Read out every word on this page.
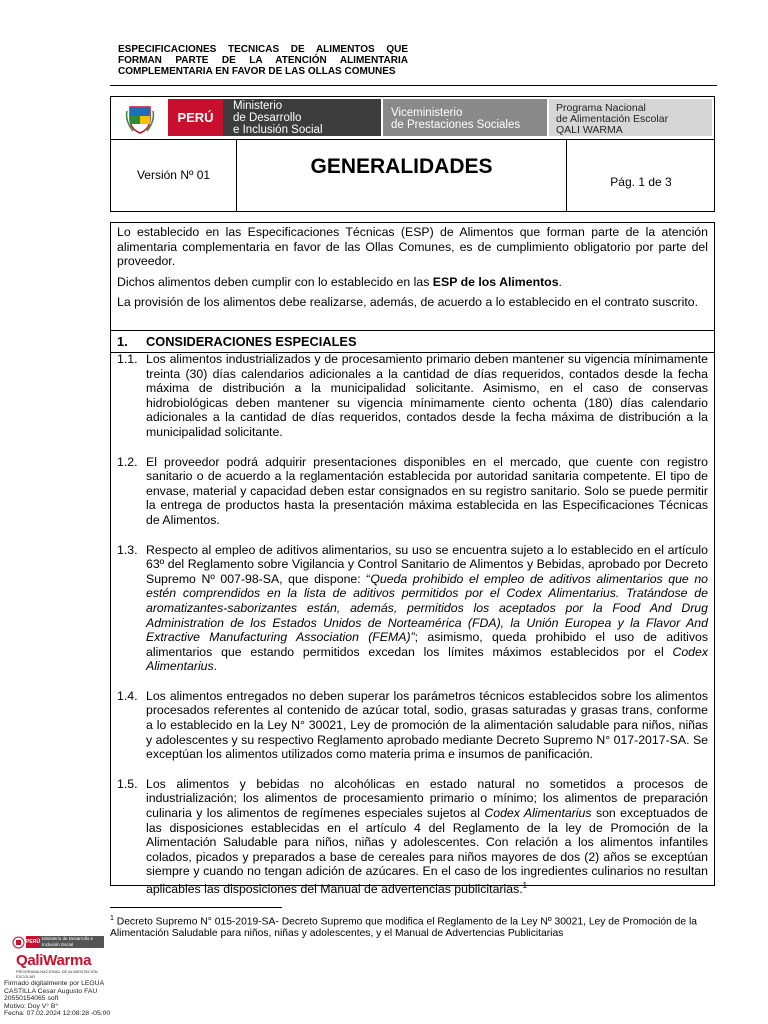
ESPECIFICACIONES TECNICAS DE ALIMENTOS QUE
FORMAN PARTE DE LA ATENCIÓN ALIMENTARIA
COMPLEMENTARIA EN FAVOR DE LAS OLLAS COMUNES
PERÚ
Ministerio
de Desarrollo
e Inclusión Social
Viceministerio
de Prestaciones Sociales
Programa Nacional
de Alimentación Escolar
QALI WARMA
Versión Nº 01	GENERALIDADES
Pág. 1 de 3

Lo establecido en las Especificaciones Técnicas (ESP) de Alimentos que forman parte de la atención alimentaria complementaria en favor de las Ollas Comunes, es de cumplimiento obligatorio por parte del proveedor.

Dichos alimentos deben cumplir con lo establecido en las ESP de los Alimentos.

La provisión de los alimentos debe realizarse, además, de acuerdo a lo establecido en el contrato suscrito.

1. CONSIDERACIONES ESPECIALES
1.1. Los alimentos industrializados y de procesamiento primario deben mantener su vigencia mínimamente treinta (30) días calendarios adicionales a la cantidad de días requeridos, contados desde la fecha máxima de distribución a la municipalidad solicitante. Asimismo, en el caso de conservas hidrobiológicas deben mantener su vigencia mínimamente ciento ochenta (180) días calendario adicionales a la cantidad de días requeridos, contados desde la fecha máxima de distribución a la municipalidad solicitante.
1.2. El proveedor podrá adquirir presentaciones disponibles en el mercado, que cuente con registro sanitario o de acuerdo a la reglamentación establecida por autoridad sanitaria competente. El tipo de envase, material y capacidad deben estar consignados en su registro sanitario. Solo se puede permitir la entrega de productos hasta la presentación máxima establecida en las Especificaciones Técnicas de Alimentos.
1.3. Respecto al empleo de aditivos alimentarios, su uso se encuentra sujeto a lo establecido en el artículo 63º del Reglamento sobre Vigilancia y Control Sanitario de Alimentos y Bebidas, aprobado por Decreto Supremo Nº 007-98-SA, que dispone: “Queda prohibido el empleo de aditivos alimentarios que no estén comprendidos en la lista de aditivos permitidos por el Codex Alimentarius. Tratándose de aromatizantes-saborizantes están, además, permitidos los aceptados por la Food And Drug Administration de los Estados Unidos de Norteamérica (FDA), la Unión Europea y la Flavor And Extractive Manufacturing Association (FEMA)”; asimismo, queda prohibido el uso de aditivos alimentarios que estando permitidos excedan los límites máximos establecidos por el Codex Alimentarius.
1.4. Los alimentos entregados no deben superar los parámetros técnicos establecidos sobre los alimentos procesados referentes al contenido de azúcar total, sodio, grasas saturadas y grasas trans, conforme a lo establecido en la Ley N° 30021, Ley de promoción de la alimentación saludable para niños, niñas y adolescentes y su respectivo Reglamento aprobado mediante Decreto Supremo N° 017-2017-SA. Se exceptúan los alimentos utilizados como materia prima e insumos de panificación.
1.5. Los alimentos y bebidas no alcohólicas en estado natural no sometidos a procesos de industrialización; los alimentos de procesamiento primario o mínimo; los alimentos de preparación culinaria y los alimentos de regímenes especiales sujetos al Codex Alimentarius son exceptuados de las disposiciones establecidas en el artículo 4 del Reglamento de la ley de Promoción de la Alimentación Saludable para niños, niñas y adolescentes. Con relación a los alimentos infantiles colados, picados y preparados a base de cereales para niños mayores de dos (2) años se exceptúan siempre y cuando no tengan adición de azúcares. En el caso de los ingredientes culinarios no resultan aplicables las disposiciones del Manual de advertencias publicitarias.$^1$
$^1$ Decreto Supremo N° 015-2019-SA- Decreto Supremo que modifica el Reglamento de la Ley Nº 30021, Ley de Promoción de la Alimentación Saludable para niños, niñas y adolescentes, y el Manual de Advertencias Publicitarias
PERÚ
Ministerio de Desarrollo e Inclusión Social
QaliWarma
PROGRAMA NACIONAL DE ALIMENTACIÓN ESCOLAR
Firmado digitalmente por LEGUA
CASTILLA Cesar Augusto FAU
20550154065 soft
Motivo: Doy V° B°
Fecha: 07.02.2024 12:08:28 -05:00
